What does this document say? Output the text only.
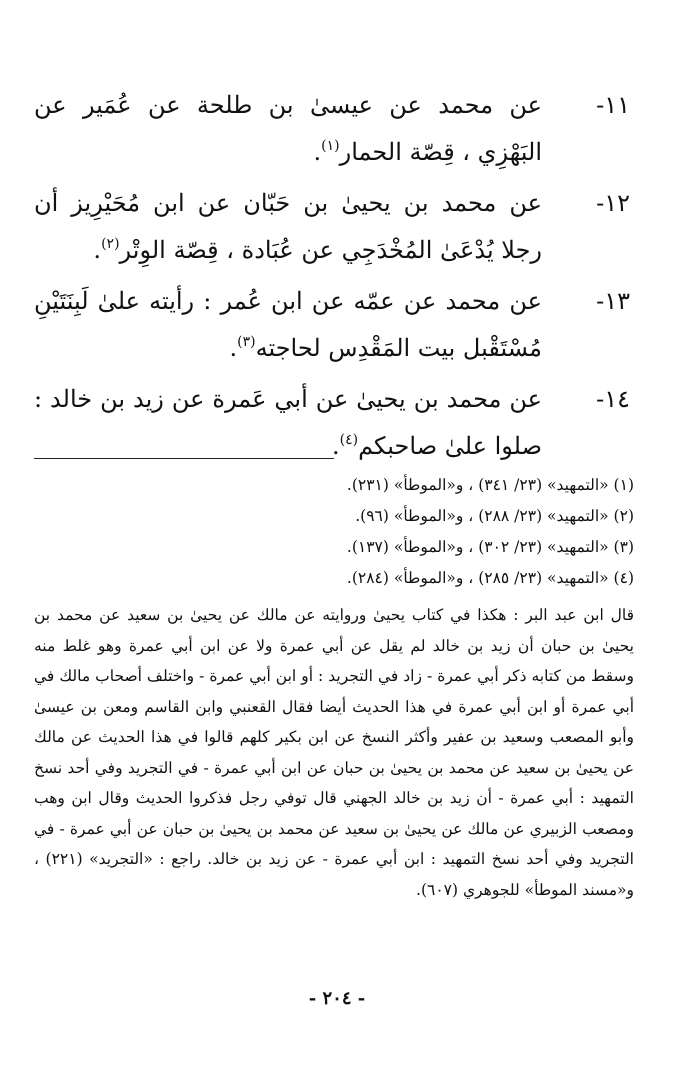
١١-
عن محمد عن عيسىٰ بن طلحة عن عُمَير عن البَهْزِي ، قِصّة الحمار$^{(١)}$.
١٢-
عن محمد بن يحيىٰ بن حَبّان عن ابن مُحَيْرِيز أن رجلا يُدْعَىٰ المُخْدَجِي عن عُبَادة ، قِصّة الوِتْر$^{(٢)}$.
١٣-
عن محمد عن عمّه عن ابن عُمر : رأيته علىٰ لَبِنَتَيْنِ مُسْتَقْبل بيت المَقْدِس لحاجته$^{(٣)}$.
١٤-
عن محمد بن يحيىٰ عن أبي عَمرة عن زيد بن خالد : صلوا علىٰ صاحبكم$^{(٤)}$.
(١) «التمهيد» (٢٣/ ٣٤١) ، و«الموطأ» (٢٣١).
(٢) «التمهيد» (٢٣/ ٢٨٨) ، و«الموطأ» (٩٦).
(٣) «التمهيد» (٢٣/ ٣٠٢) ، و«الموطأ» (١٣٧).
(٤) «التمهيد» (٢٣/ ٢٨٥) ، و«الموطأ» (٢٨٤).
قال ابن عبد البر : هكذا في كتاب يحيىٰ وروايته عن مالك عن يحيىٰ بن سعيد عن محمد بن يحيىٰ بن حبان أن زيد بن خالد لم يقل عن أبي عمرة ولا عن ابن أبي عمرة وهو غلط منه وسقط من كتابه ذكر أبي عمرة - زاد في التجريد : أو ابن أبي عمرة - واختلف أصحاب مالك في أبي عمرة أو ابن أبي عمرة في هذا الحديث أيضا فقال القعنبي وابن القاسم ومعن بن عيسىٰ وأبو المصعب وسعيد بن عفير وأكثر النسخ عن ابن بكير كلهم قالوا في هذا الحديث عن مالك عن يحيىٰ بن سعيد عن محمد بن يحيىٰ بن حبان عن ابن أبي عمرة - في التجريد وفي أحد نسخ التمهيد : أبي عمرة - أن زيد بن خالد الجهني قال توفي رجل فذكروا الحديث وقال ابن وهب ومصعب الزبيري عن مالك عن يحيىٰ بن سعيد عن محمد بن يحيىٰ بن حبان عن أبي عمرة - في التجريد وفي أحد نسخ التمهيد : ابن أبي عمرة - عن زيد بن خالد. راجع : «التجريد» (٢٢١) ، و«مسند الموطأ» للجوهري (٦٠٧).
- ٢٠٤ -
